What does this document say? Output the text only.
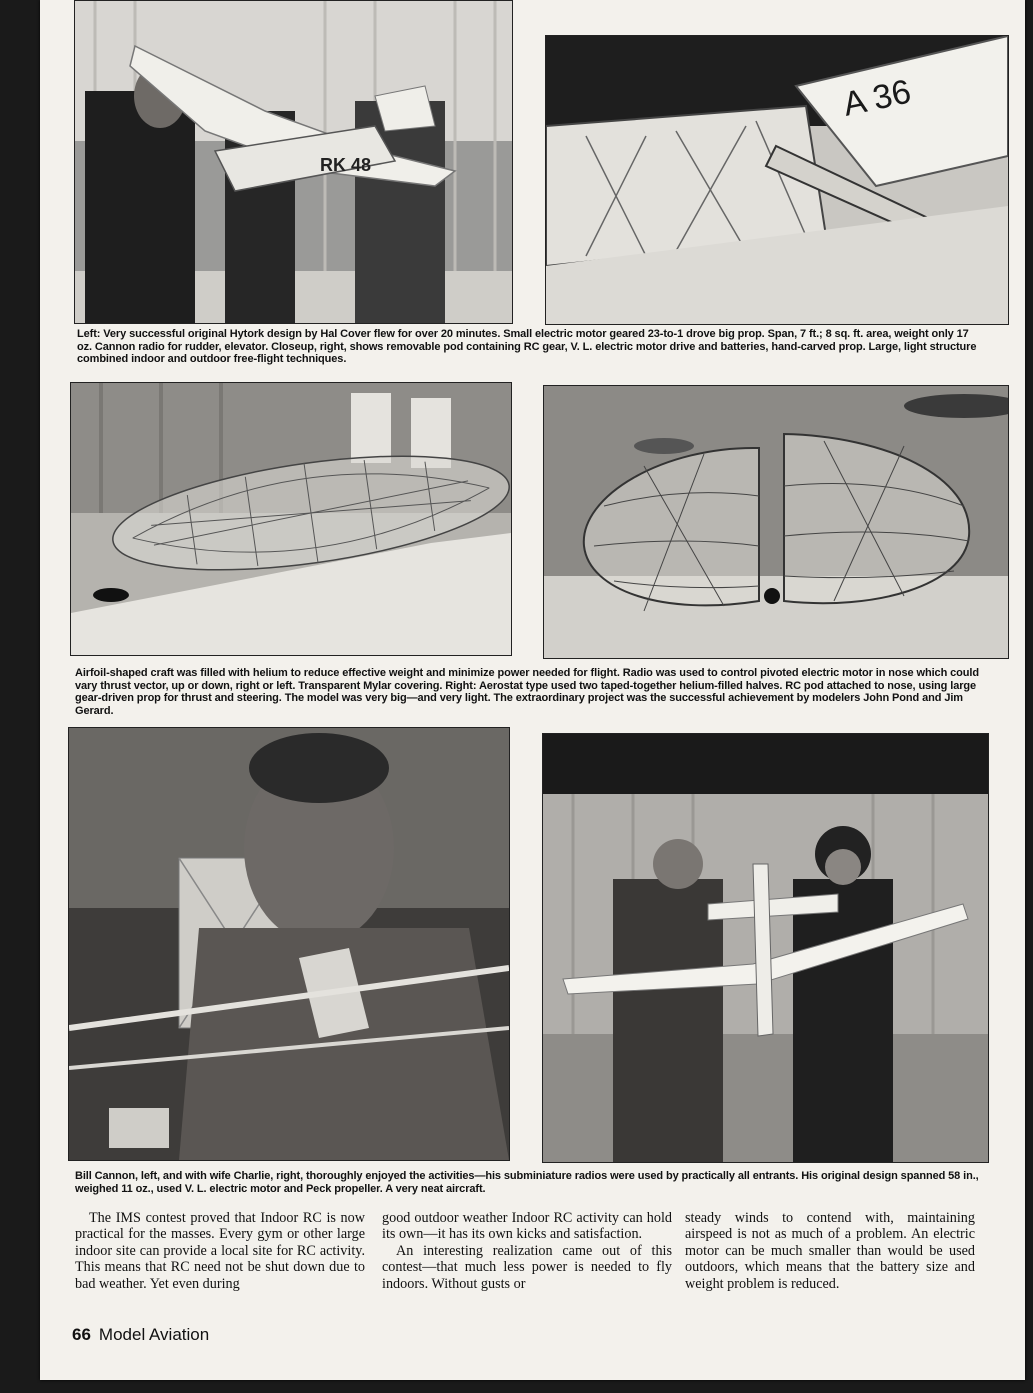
RK 48
A 36
Left: Very successful original Hytork design by Hal Cover flew for over 20 minutes. Small electric motor geared 23-to-1 drove big prop. Span, 7 ft.; 8 sq. ft. area, weight only 17 oz. Cannon radio for rudder, elevator. Closeup, right, shows removable pod containing RC gear, V. L. electric motor drive and batteries, hand-carved prop. Large, light structure combined indoor and outdoor free-flight techniques.
Airfoil-shaped craft was filled with helium to reduce effective weight and minimize power needed for flight. Radio was used to control pivoted electric motor in nose which could vary thrust vector, up or down, right or left. Transparent Mylar covering. Right: Aerostat type used two taped-together helium-filled halves. RC pod attached to nose, using large gear-driven prop for thrust and steering. The model was very big—and very light. The extraordinary project was the successful achievement by modelers John Pond and Jim Gerard.
Bill Cannon, left, and with wife Charlie, right, thoroughly enjoyed the activities—his subminiature radios were used by practically all entrants. His original design spanned 58 in., weighed 11 oz., used V. L. electric motor and Peck propeller. A very neat aircraft.

The IMS contest proved that Indoor RC is now practical for the masses. Every gym or other large indoor site can provide a local site for RC activity. This means that RC need not be shut down due to bad weather. Yet even during

good outdoor weather Indoor RC activity can hold its own—it has its own kicks and satisfaction.

An interesting realization came out of this contest—that much less power is needed to fly indoors. Without gusts or

steady winds to contend with, maintaining airspeed is not as much of a problem. An electric motor can be much smaller than would be used outdoors, which means that the battery size and weight problem is reduced.

66 Model Aviation
